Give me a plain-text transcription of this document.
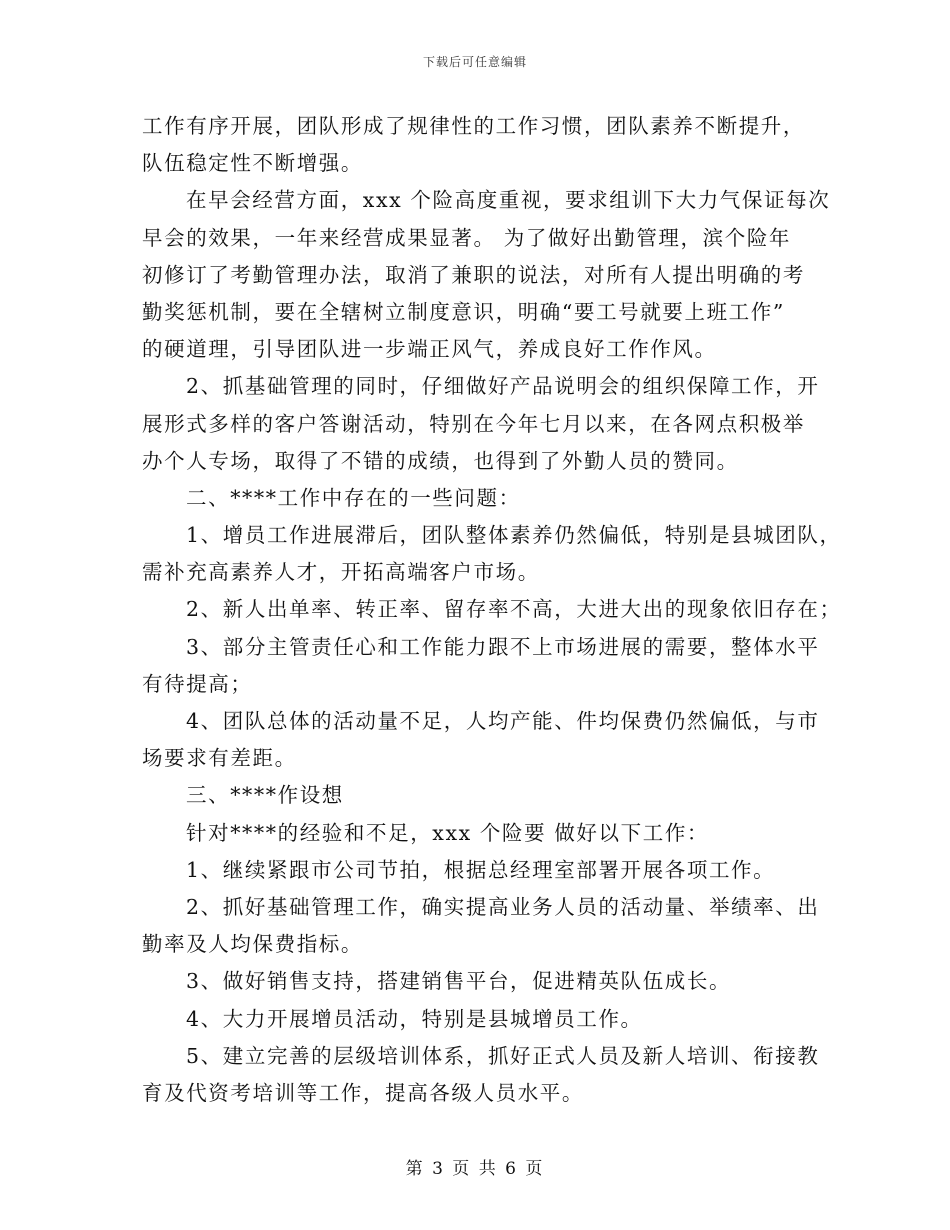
下载后可任意编辑
工作有序开展，团队形成了规律性的工作习惯，团队素养不断提升，
队伍稳定性不断增强。
在早会经营方面，xxx 个险高度重视，要求组训下大力气保证每次
早会的效果，一年来经营成果显著。 为了做好出勤管理，滨个险年
初修订了考勤管理办法，取消了兼职的说法，对所有人提出明确的考
勤奖惩机制，要在全辖树立制度意识，明确“要工号就要上班工作”
的硬道理，引导团队进一步端正风气，养成良好工作作风。
2、抓基础管理的同时，仔细做好产品说明会的组织保障工作，开
展形式多样的客户答谢活动，特别在今年七月以来，在各网点积极举
办个人专场，取得了不错的成绩，也得到了外勤人员的赞同。
二、****工作中存在的一些问题：
1、增员工作进展滞后，团队整体素养仍然偏低，特别是县城团队，
需补充高素养人才，开拓高端客户市场。
2、新人出单率、转正率、留存率不高，大进大出的现象依旧存在；
3、部分主管责任心和工作能力跟不上市场进展的需要，整体水平
有待提高；
4、团队总体的活动量不足，人均产能、件均保费仍然偏低，与市
场要求有差距。
三、****作设想
针对****的经验和不足，xxx 个险要 做好以下工作：
1、继续紧跟市公司节拍，根据总经理室部署开展各项工作。
2、抓好基础管理工作，确实提高业务人员的活动量、举绩率、出
勤率及人均保费指标。
3、做好销售支持，搭建销售平台，促进精英队伍成长。
4、大力开展增员活动，特别是县城增员工作。
5、建立完善的层级培训体系，抓好正式人员及新人培训、衔接教
育及代资考培训等工作，提高各级人员水平。
第 3 页 共 6 页
